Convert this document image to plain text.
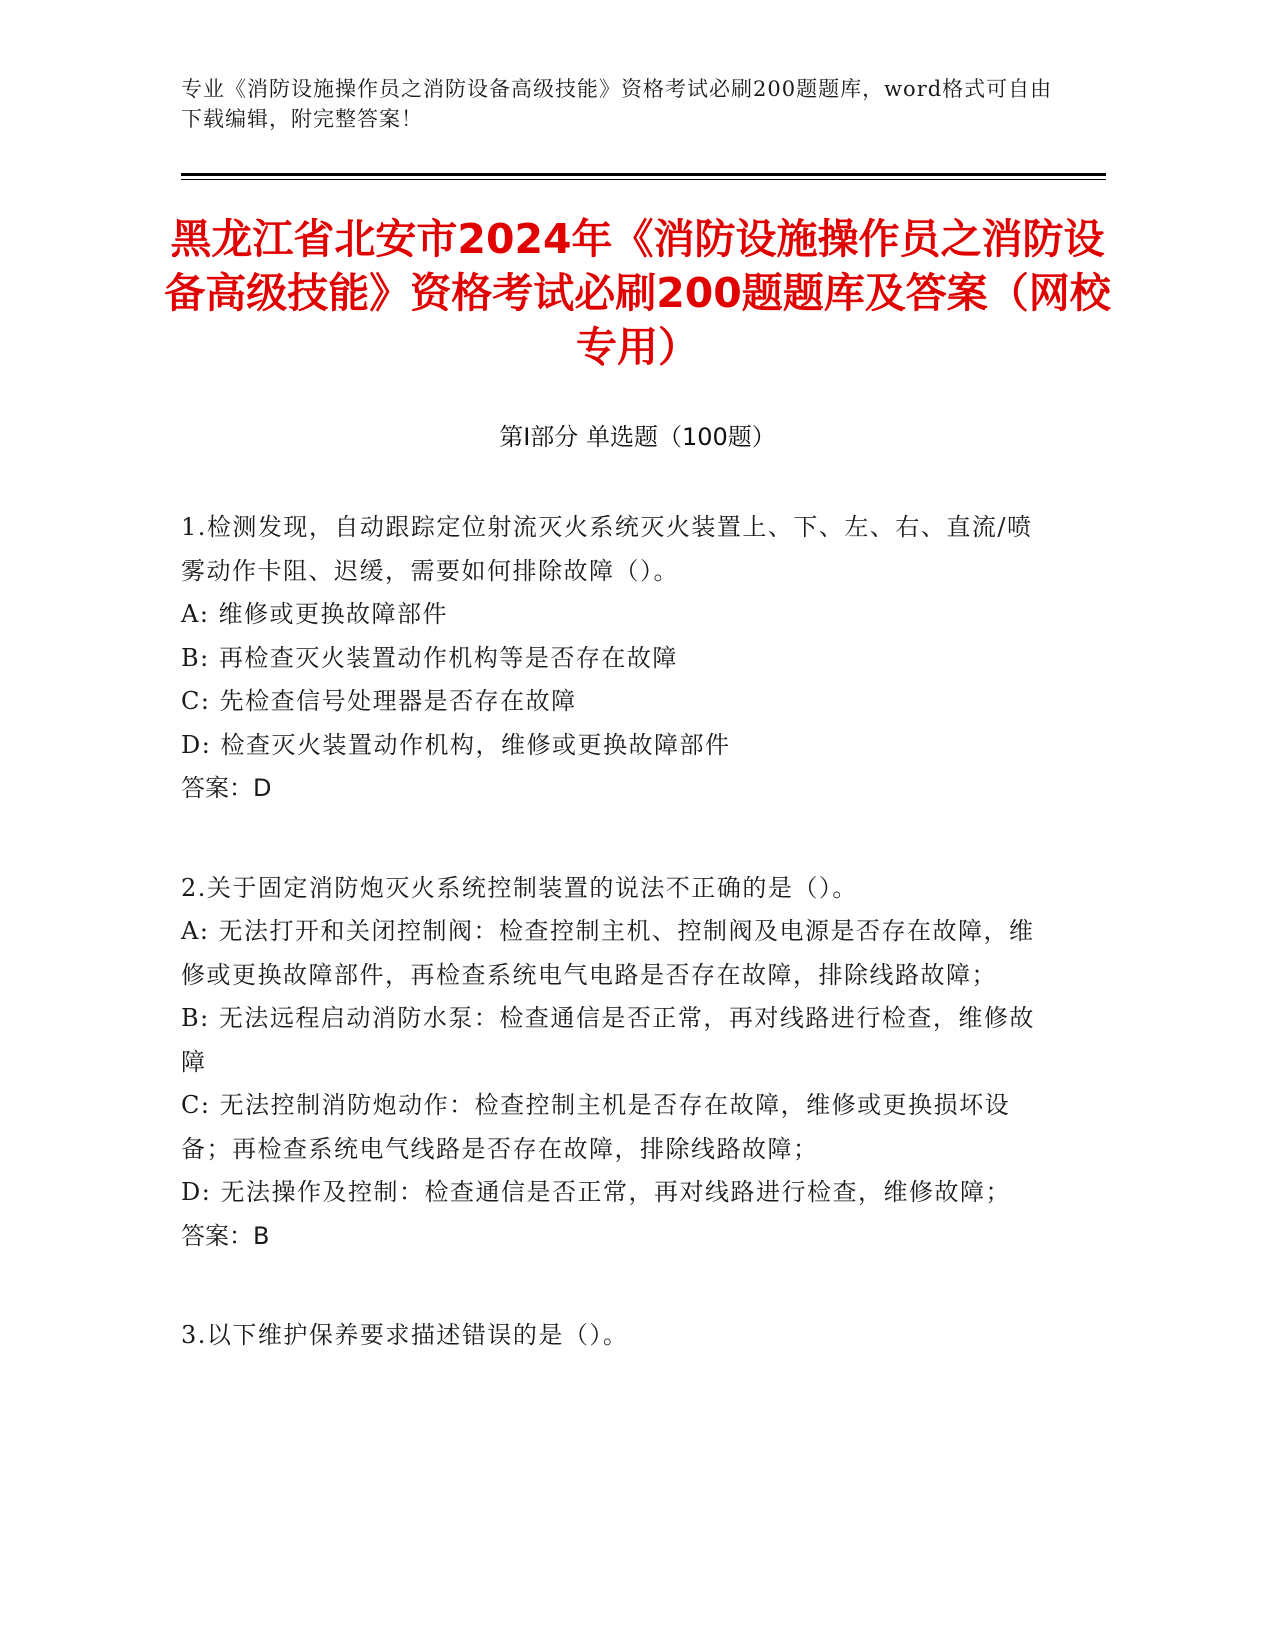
专业《消防设施操作员之消防设备高级技能》资格考试必刷200题题库，word格式可自由下载编辑，附完整答案！
黑龙江省北安市2024年《消防设施操作员之消防设备高级技能》资格考试必刷200题题库及答案（网校专用）
第Ⅰ部分 单选题（100题）
1.检测发现，自动跟踪定位射流灭火系统灭火装置上、下、左、右、直流/喷雾动作卡阻、迟缓，需要如何排除故障（）。
A: 维修或更换故障部件
B: 再检查灭火装置动作机构等是否存在故障
C: 先检查信号处理器是否存在故障
D: 检查灭火装置动作机构，维修或更换故障部件
答案：D
2.关于固定消防炮灭火系统控制装置的说法不正确的是（）。
A: 无法打开和关闭控制阀：检查控制主机、控制阀及电源是否存在故障，维修或更换故障部件，再检查系统电气电路是否存在故障，排除线路故障；
B: 无法远程启动消防水泵：检查通信是否正常，再对线路进行检查，维修故障
C: 无法控制消防炮动作：检查控制主机是否存在故障，维修或更换损坏设备；再检查系统电气线路是否存在故障，排除线路故障；
D: 无法操作及控制：检查通信是否正常，再对线路进行检查，维修故障；
答案：B
3.以下维护保养要求描述错误的是（）。
